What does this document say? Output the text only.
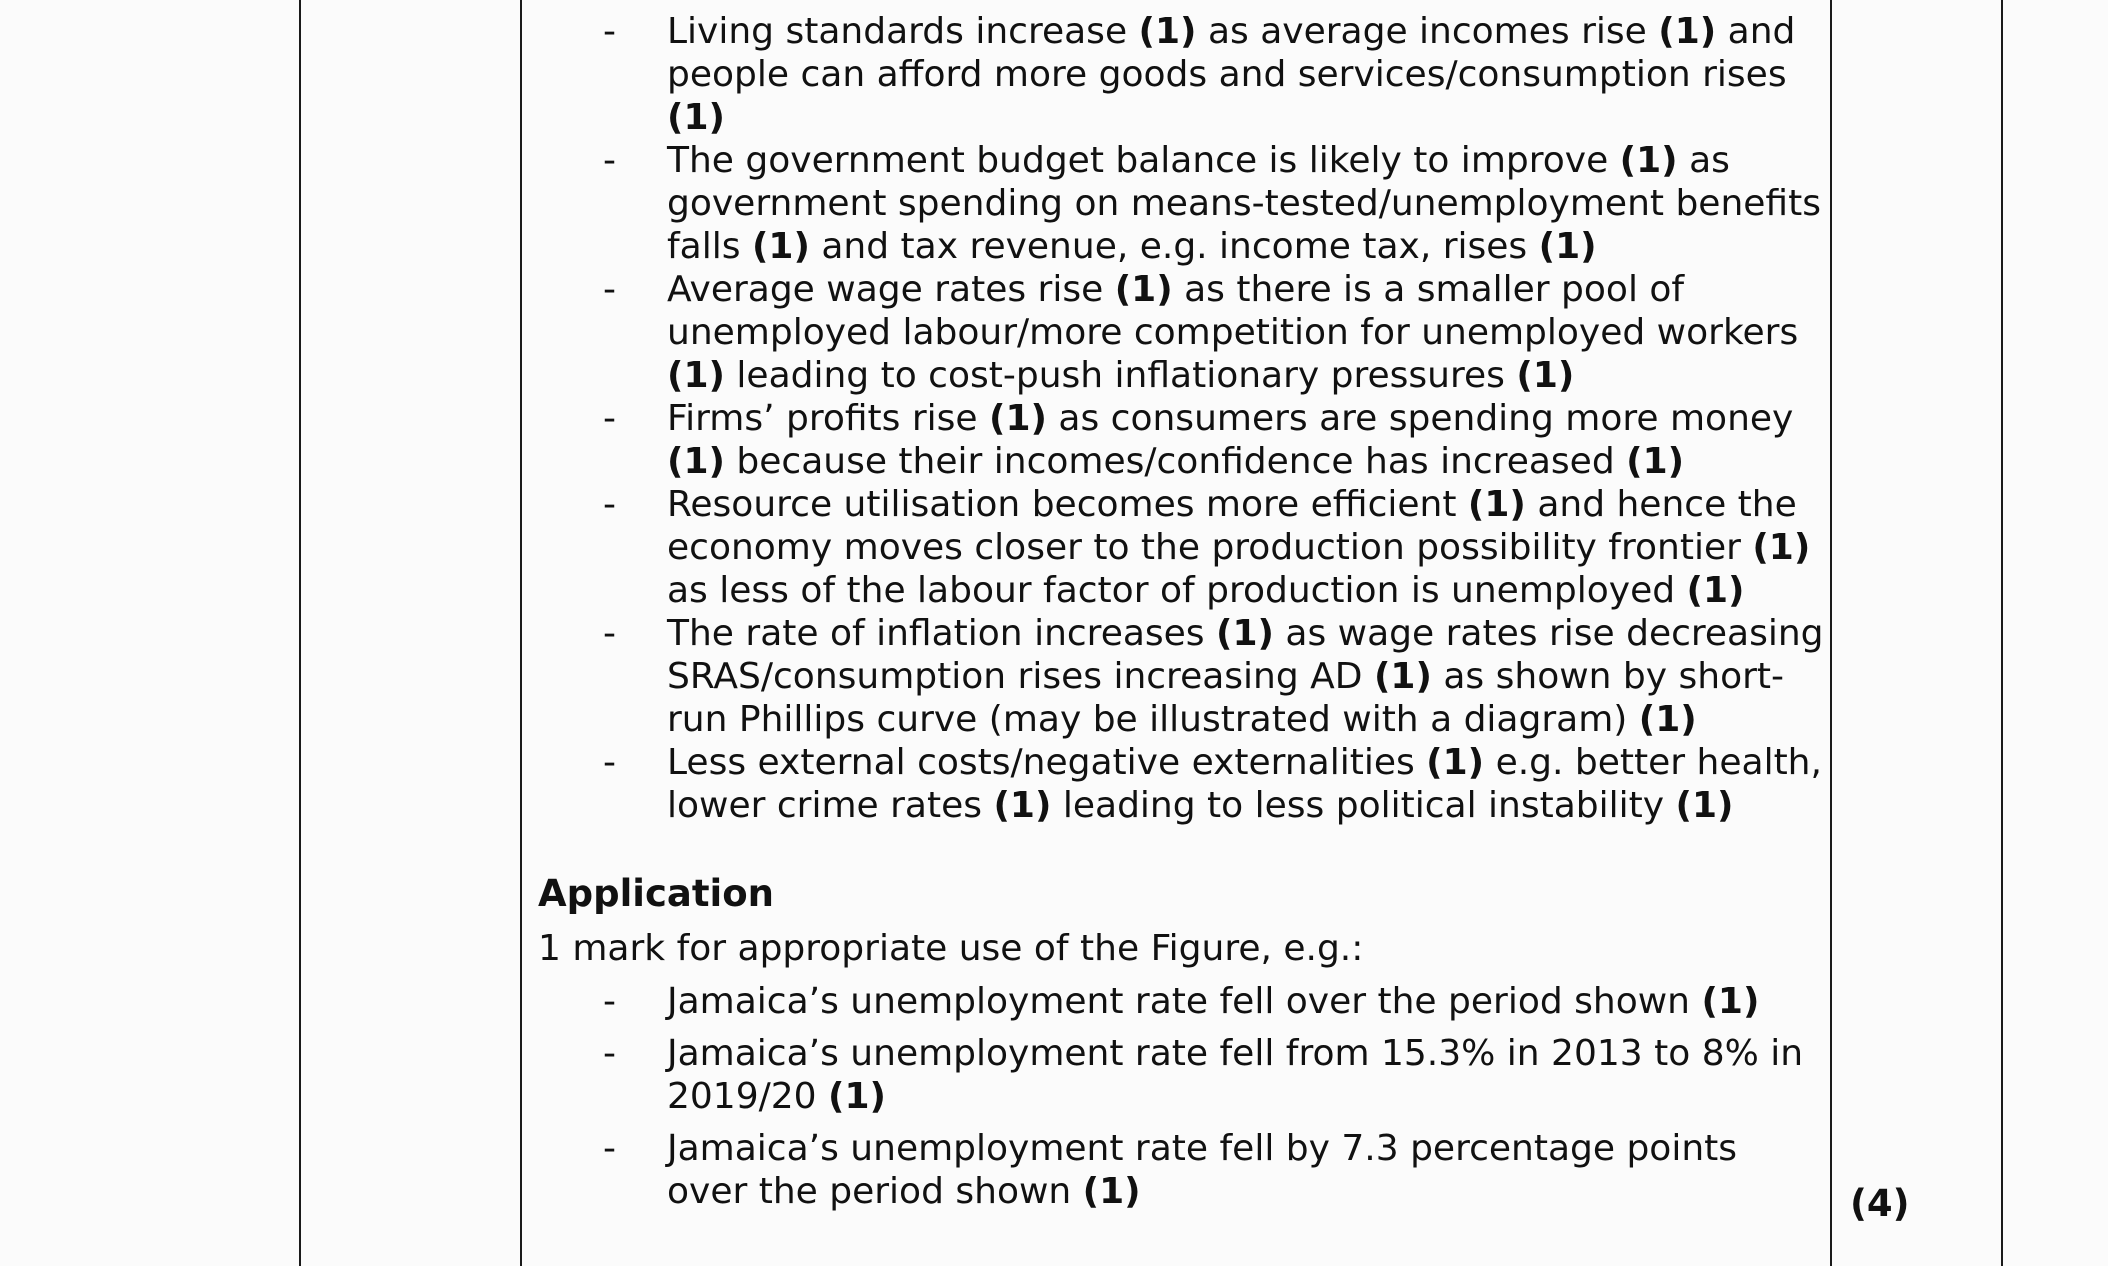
- Living standards increase (1) as average incomes rise (1) and people can afford more goods and services/consumption rises (1)
- The government budget balance is likely to improve (1) as government spending on means-tested/unemployment benefits falls (1) and tax revenue, e.g. income tax, rises (1)
- Average wage rates rise (1) as there is a smaller pool of unemployed labour/more competition for unemployed workers (1) leading to cost-push inflationary pressures (1)
- Firms’ profits rise (1) as consumers are spending more money (1) because their incomes/confidence has increased (1)
- Resource utilisation becomes more efficient (1) and hence the economy moves closer to the production possibility frontier (1) as less of the labour factor of production is unemployed (1)
- The rate of inflation increases (1) as wage rates rise decreasing SRAS/consumption rises increasing AD (1) as shown by short-run Phillips curve (may be illustrated with a diagram) (1)
- Less external costs/negative externalities (1) e.g. better health, lower crime rates (1) leading to less political instability (1)
Application
1 mark for appropriate use of the Figure, e.g.:
- Jamaica’s unemployment rate fell over the period shown (1)
- Jamaica’s unemployment rate fell from 15.3% in 2013 to 8% in 2019/20 (1)
- Jamaica’s unemployment rate fell by 7.3 percentage points over the period shown (1)	(4)
